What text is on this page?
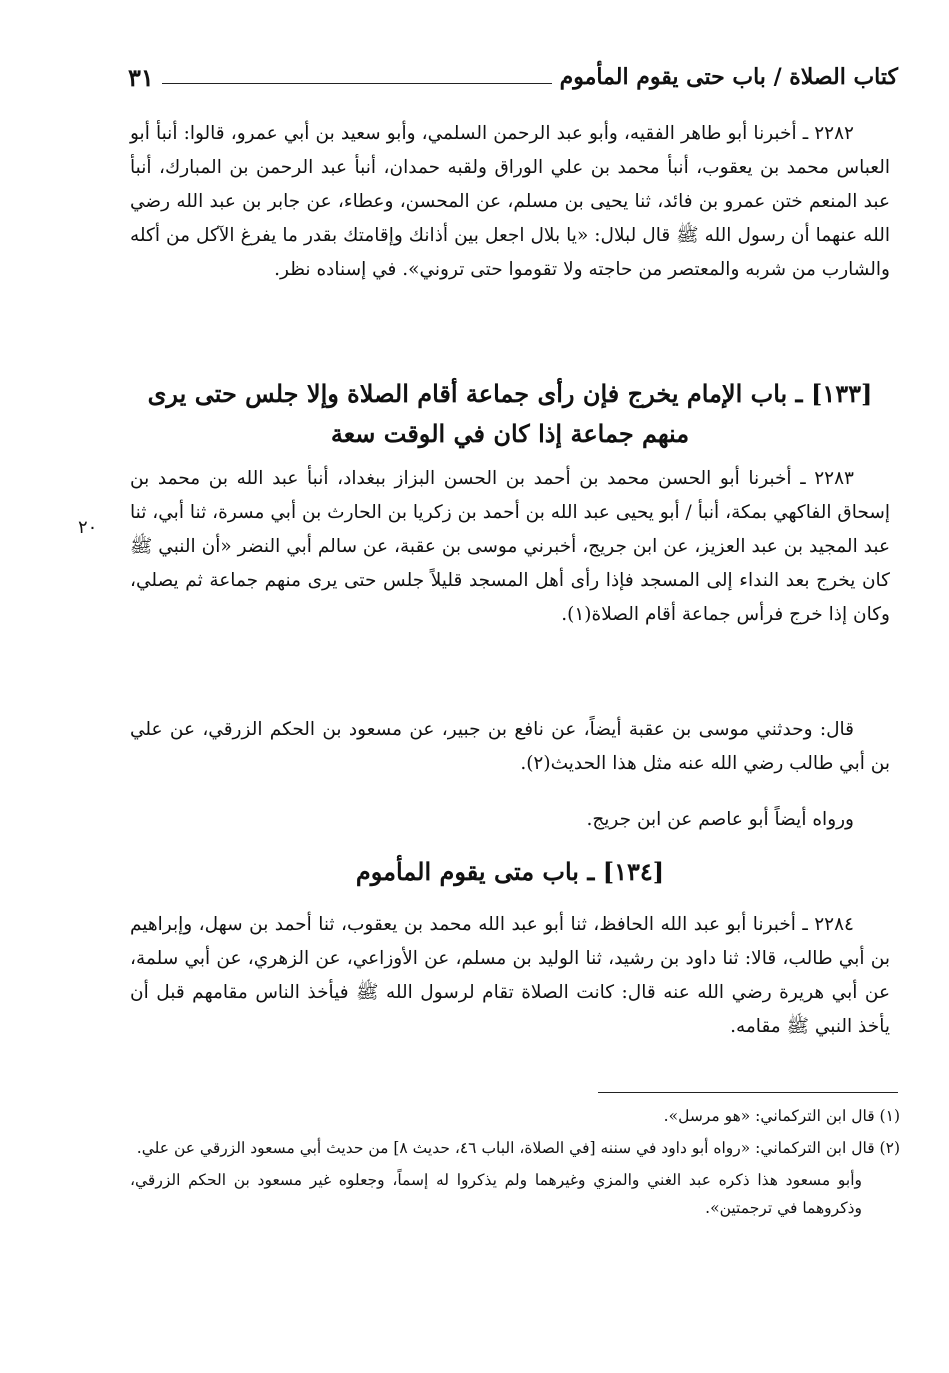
كتاب الصلاة / باب حتى يقوم المأموم
٣١

٢٢٨٢ ـ أخبرنا أبو طاهر الفقيه، وأبو عبد الرحمن السلمي، وأبو سعيد بن أبي عمرو، قالوا: أنبأ أبو العباس محمد بن يعقوب، أنبأ محمد بن علي الوراق ولقبه حمدان، أنبأ عبد الرحمن بن المبارك، أنبأ عبد المنعم ختن عمرو بن فائد، ثنا يحيى بن مسلم، عن المحسن، وعطاء، عن جابر بن عبد الله رضي الله عنهما أن رسول الله ﷺ قال لبلال: «يا بلال اجعل بين أذانك وإقامتك بقدر ما يفرغ الآكل من أكله والشارب من شربه والمعتصر من حاجته ولا تقوموا حتى تروني». في إسناده نظر.

[١٣٣] ـ باب الإمام يخرج فإن رأى جماعة أقام الصلاة وإلا جلس حتى يرى منهم جماعة إذا كان في الوقت سعة

٢٢٨٣ ـ أخبرنا أبو الحسن محمد بن أحمد بن الحسن البزاز ببغداد، أنبأ عبد الله بن محمد بن إسحاق الفاكهي بمكة، أنبأ / أبو يحيى عبد الله بن أحمد بن زكريا بن الحارث بن أبي مسرة، ثنا أبي، ثنا عبد المجيد بن عبد العزيز، عن ابن جريج، أخبرني موسى بن عقبة، عن سالم أبي النضر «أن النبي ﷺ كان يخرج بعد النداء إلى المسجد فإذا رأى أهل المسجد قليلاً جلس حتى يرى منهم جماعة ثم يصلي، وكان إذا خرج فرأس جماعة أقام الصلاة(١).

٢٠

قال: وحدثني موسى بن عقبة أيضاً، عن نافع بن جبير، عن مسعود بن الحكم الزرقي، عن علي بن أبي طالب رضي الله عنه مثل هذا الحديث(٢).

ورواه أيضاً أبو عاصم عن ابن جريج.

[١٣٤] ـ باب متى يقوم المأموم

٢٢٨٤ ـ أخبرنا أبو عبد الله الحافظ، ثنا أبو عبد الله محمد بن يعقوب، ثنا أحمد بن سهل، وإبراهيم بن أبي طالب، قالا: ثنا داود بن رشيد، ثنا الوليد بن مسلم، عن الأوزاعي، عن الزهري، عن أبي سلمة، عن أبي هريرة رضي الله عنه قال: كانت الصلاة تقام لرسول الله ﷺ فيأخذ الناس مقامهم قبل أن يأخذ النبي ﷺ مقامه.

(١) قال ابن التركماني: «هو مرسل».

(٢) قال ابن التركماني: «رواه أبو داود في سننه [في الصلاة، الباب ٤٦، حديث ٨] من حديث أبي مسعود الزرقي عن علي.

وأبو مسعود هذا ذكره عبد الغني والمزي وغيرهما ولم يذكروا له إسماً، وجعلوه غير مسعود بن الحكم الزرقي، وذكروهما في ترجمتين».
